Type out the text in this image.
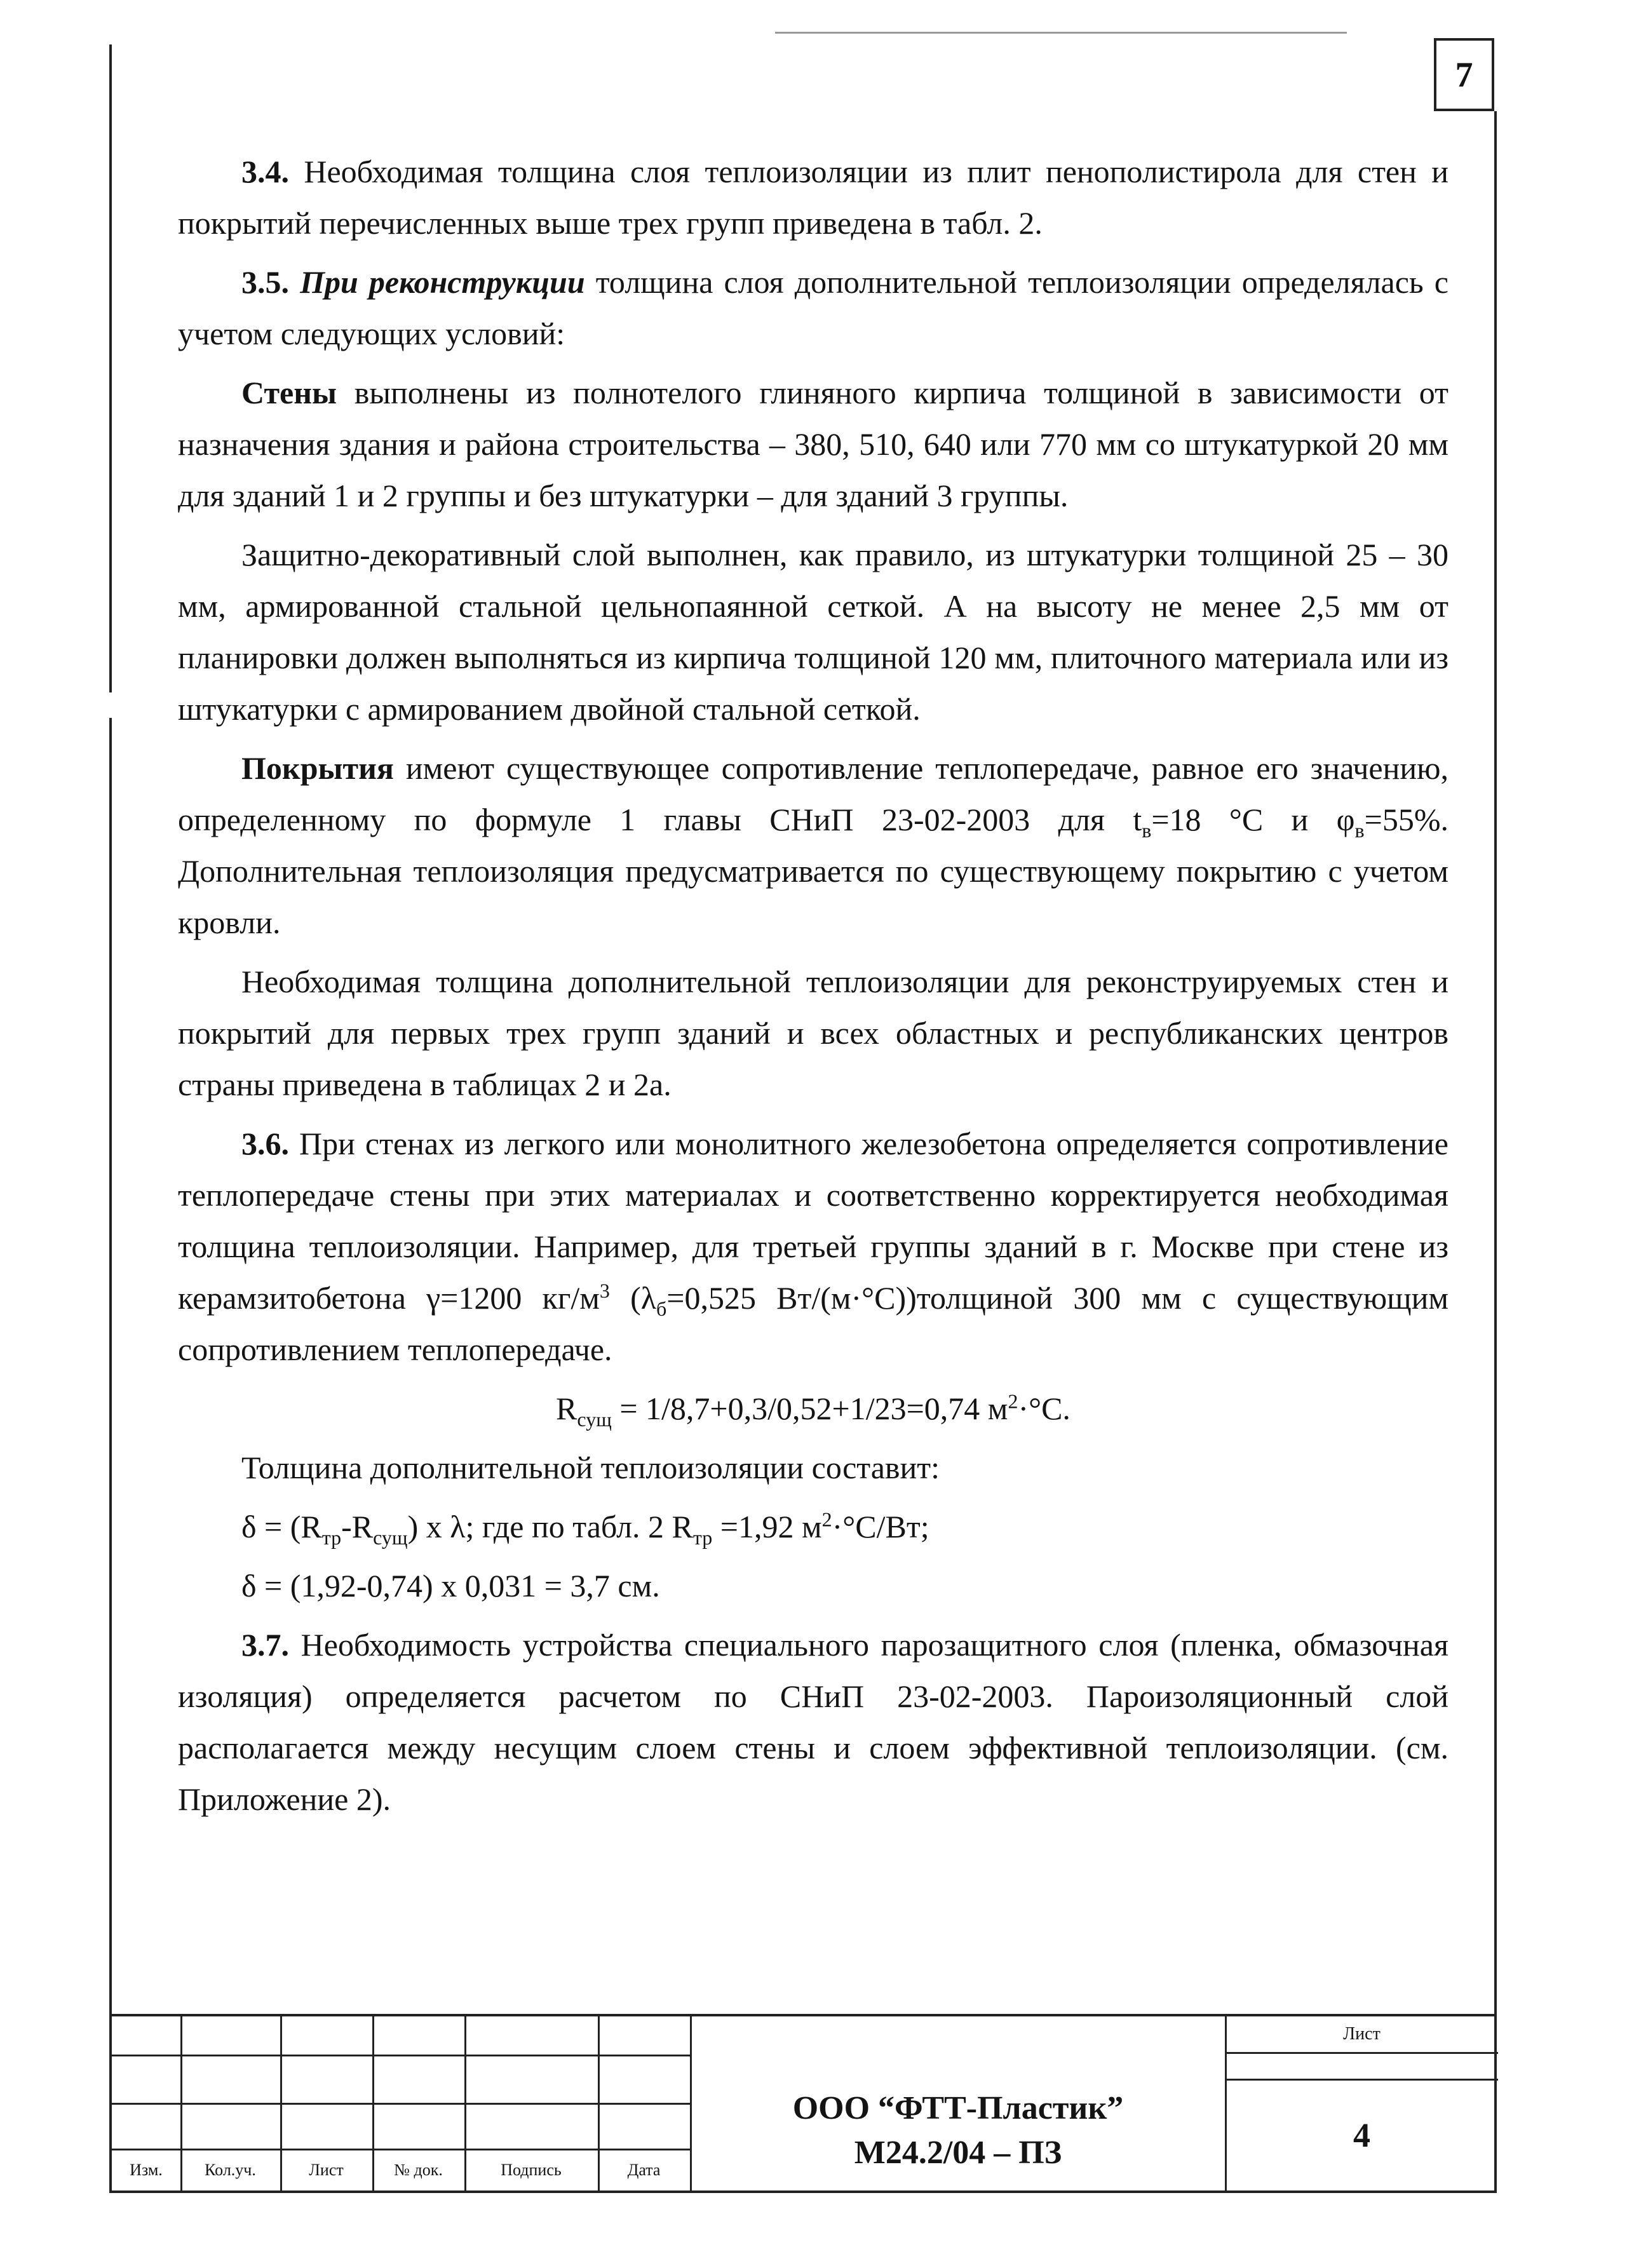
7

3.4. Необходимая толщина слоя теплоизоляции из плит пенополистирола для стен и покрытий перечисленных выше трех групп приведена в табл. 2.

3.5. При реконструкции толщина слоя дополнительной теплоизоляции определялась с учетом следующих условий:

Стены выполнены из полнотелого глиняного кирпича толщиной в зависимости от назначения здания и района строительства – 380, 510, 640 или 770 мм со штукатуркой 20 мм для зданий 1 и 2 группы и без штукатурки – для зданий 3 группы.

Защитно-декоративный слой выполнен, как правило, из штукатурки толщиной 25 – 30 мм, армированной стальной цельнопаянной сеткой. А на высоту не менее 2,5 мм от планировки должен выполняться из кирпича толщиной 120 мм, плиточного материала или из штукатурки с армированием двойной стальной сеткой.

Покрытия имеют существующее сопротивление теплопередаче, равное его значению, определенному по формуле 1 главы СНиП 23-02-2003 для $t_в=18$ °С и $\varphi_в=55\%$. Дополнительная теплоизоляция предусматривается по существующему покрытию с учетом кровли.

Необходимая толщина дополнительной теплоизоляции для реконструируемых стен и покрытий для первых трех групп зданий и всех областных и республиканских центров страны приведена в таблицах 2 и 2а.

3.6. При стенах из легкого или монолитного железобетона определяется сопротивление теплопередаче стены при этих материалах и соответственно корректируется необходимая толщина теплоизоляции. Например, для третьей группы зданий в г. Москве при стене из керамзитобетона γ=1200 $кг/м^3$ ($\lambda_б=0,525$ Вт/(м·°С))толщиной 300 мм с существующим сопротивлением теплопередаче.

$R_{сущ} = 1/8,7+0,3/0,52+1/23=0,74$ $м^2\cdot^\circ С$.

Толщина дополнительной теплоизоляции составит:

$\delta = (R_{тр}-R_{сущ})$ х λ; где по табл. 2 $R_{тр} =1,92$ $м^2\cdot^\circ С/Вт$;

δ = (1,92-0,74) х 0,031 = 3,7 см.

3.7. Необходимость устройства специального парозащитного слоя (пленка, обмазочная изоляция) определяется расчетом по СНиП 23-02-2003. Пароизоляционный слой располагается между несущим слоем стены и слоем эффективной теплоизоляции. (см. Приложение 2).

Изм.	Кол.уч.	Лист	№ док.	Подпись	Дата
ООО “ФТТ-Пластик”
М24.2/04 – ПЗ
Лист
4
